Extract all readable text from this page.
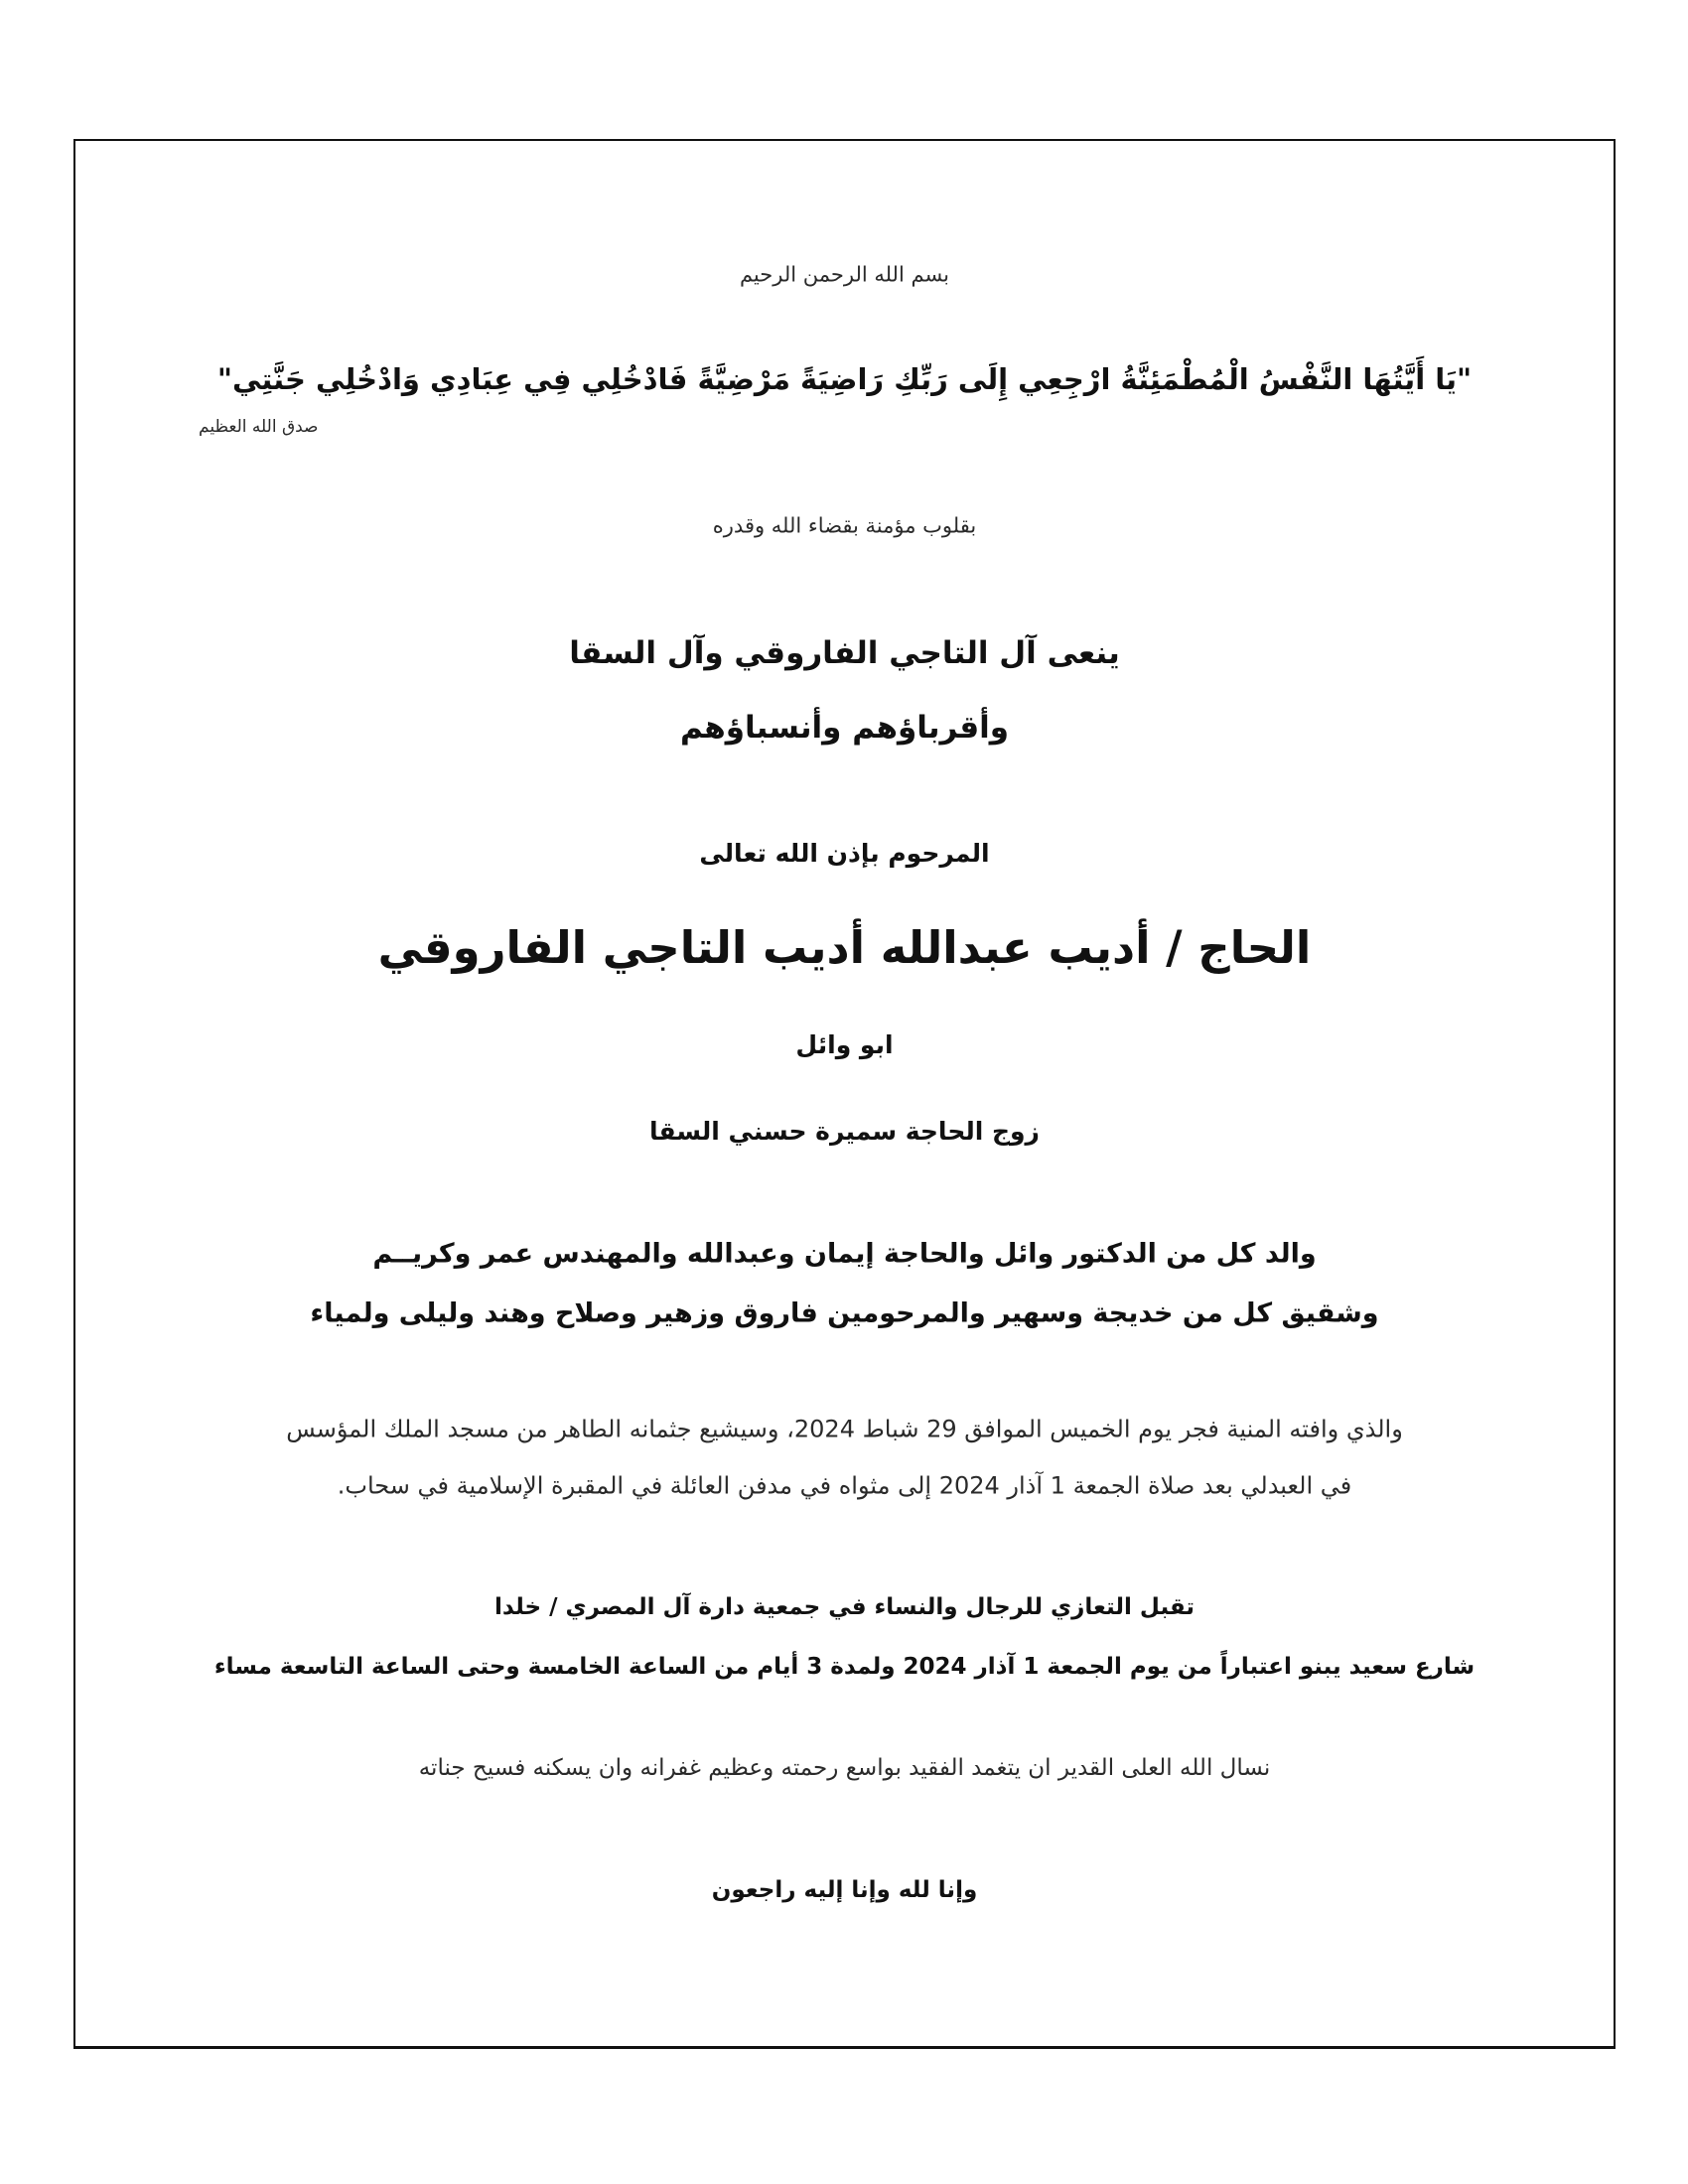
بسم الله الرحمن الرحيم
"يَا أَيَّتُهَا النَّفْسُ الْمُطْمَئِنَّةُ ارْجِعِي إِلَى رَبِّكِ رَاضِيَةً مَرْضِيَّةً فَادْخُلِي فِي عِبَادِي وَادْخُلِي جَنَّتِي"
صدق الله العظيم
بقلوب مؤمنة بقضاء الله وقدره
ينعى آل التاجي الفاروقي وآل السقا
وأقرباؤهم وأنسباؤهم
المرحوم بإذن الله تعالى
الحاج / أديب عبدالله أديب التاجي الفاروقي
ابو وائل
زوج الحاجة سميرة حسني السقا
والد كل من الدكتور وائل والحاجة إيمان وعبدالله والمهندس عمر وكريــم
وشقيق كل من خديجة وسهير والمرحومين فاروق وزهير وصلاح وهند وليلى ولمياء
والذي وافته المنية فجر يوم الخميس الموافق 29 شباط 2024، وسيشيع جثمانه الطاهر من مسجد الملك المؤسس
في العبدلي بعد صلاة الجمعة 1 آذار 2024 إلى مثواه في مدفن العائلة في المقبرة الإسلامية في سحاب.
تقبل التعازي للرجال والنساء في جمعية دارة آل المصري / خلدا
شارع سعيد يبنو اعتباراً من يوم الجمعة 1 آذار 2024 ولمدة 3 أيام من الساعة الخامسة وحتى الساعة التاسعة مساء
نسال الله العلى القدير ان يتغمد الفقيد بواسع رحمته وعظيم غفرانه وان يسكنه فسيح جناته
وإنا لله وإنا إليه راجعون
